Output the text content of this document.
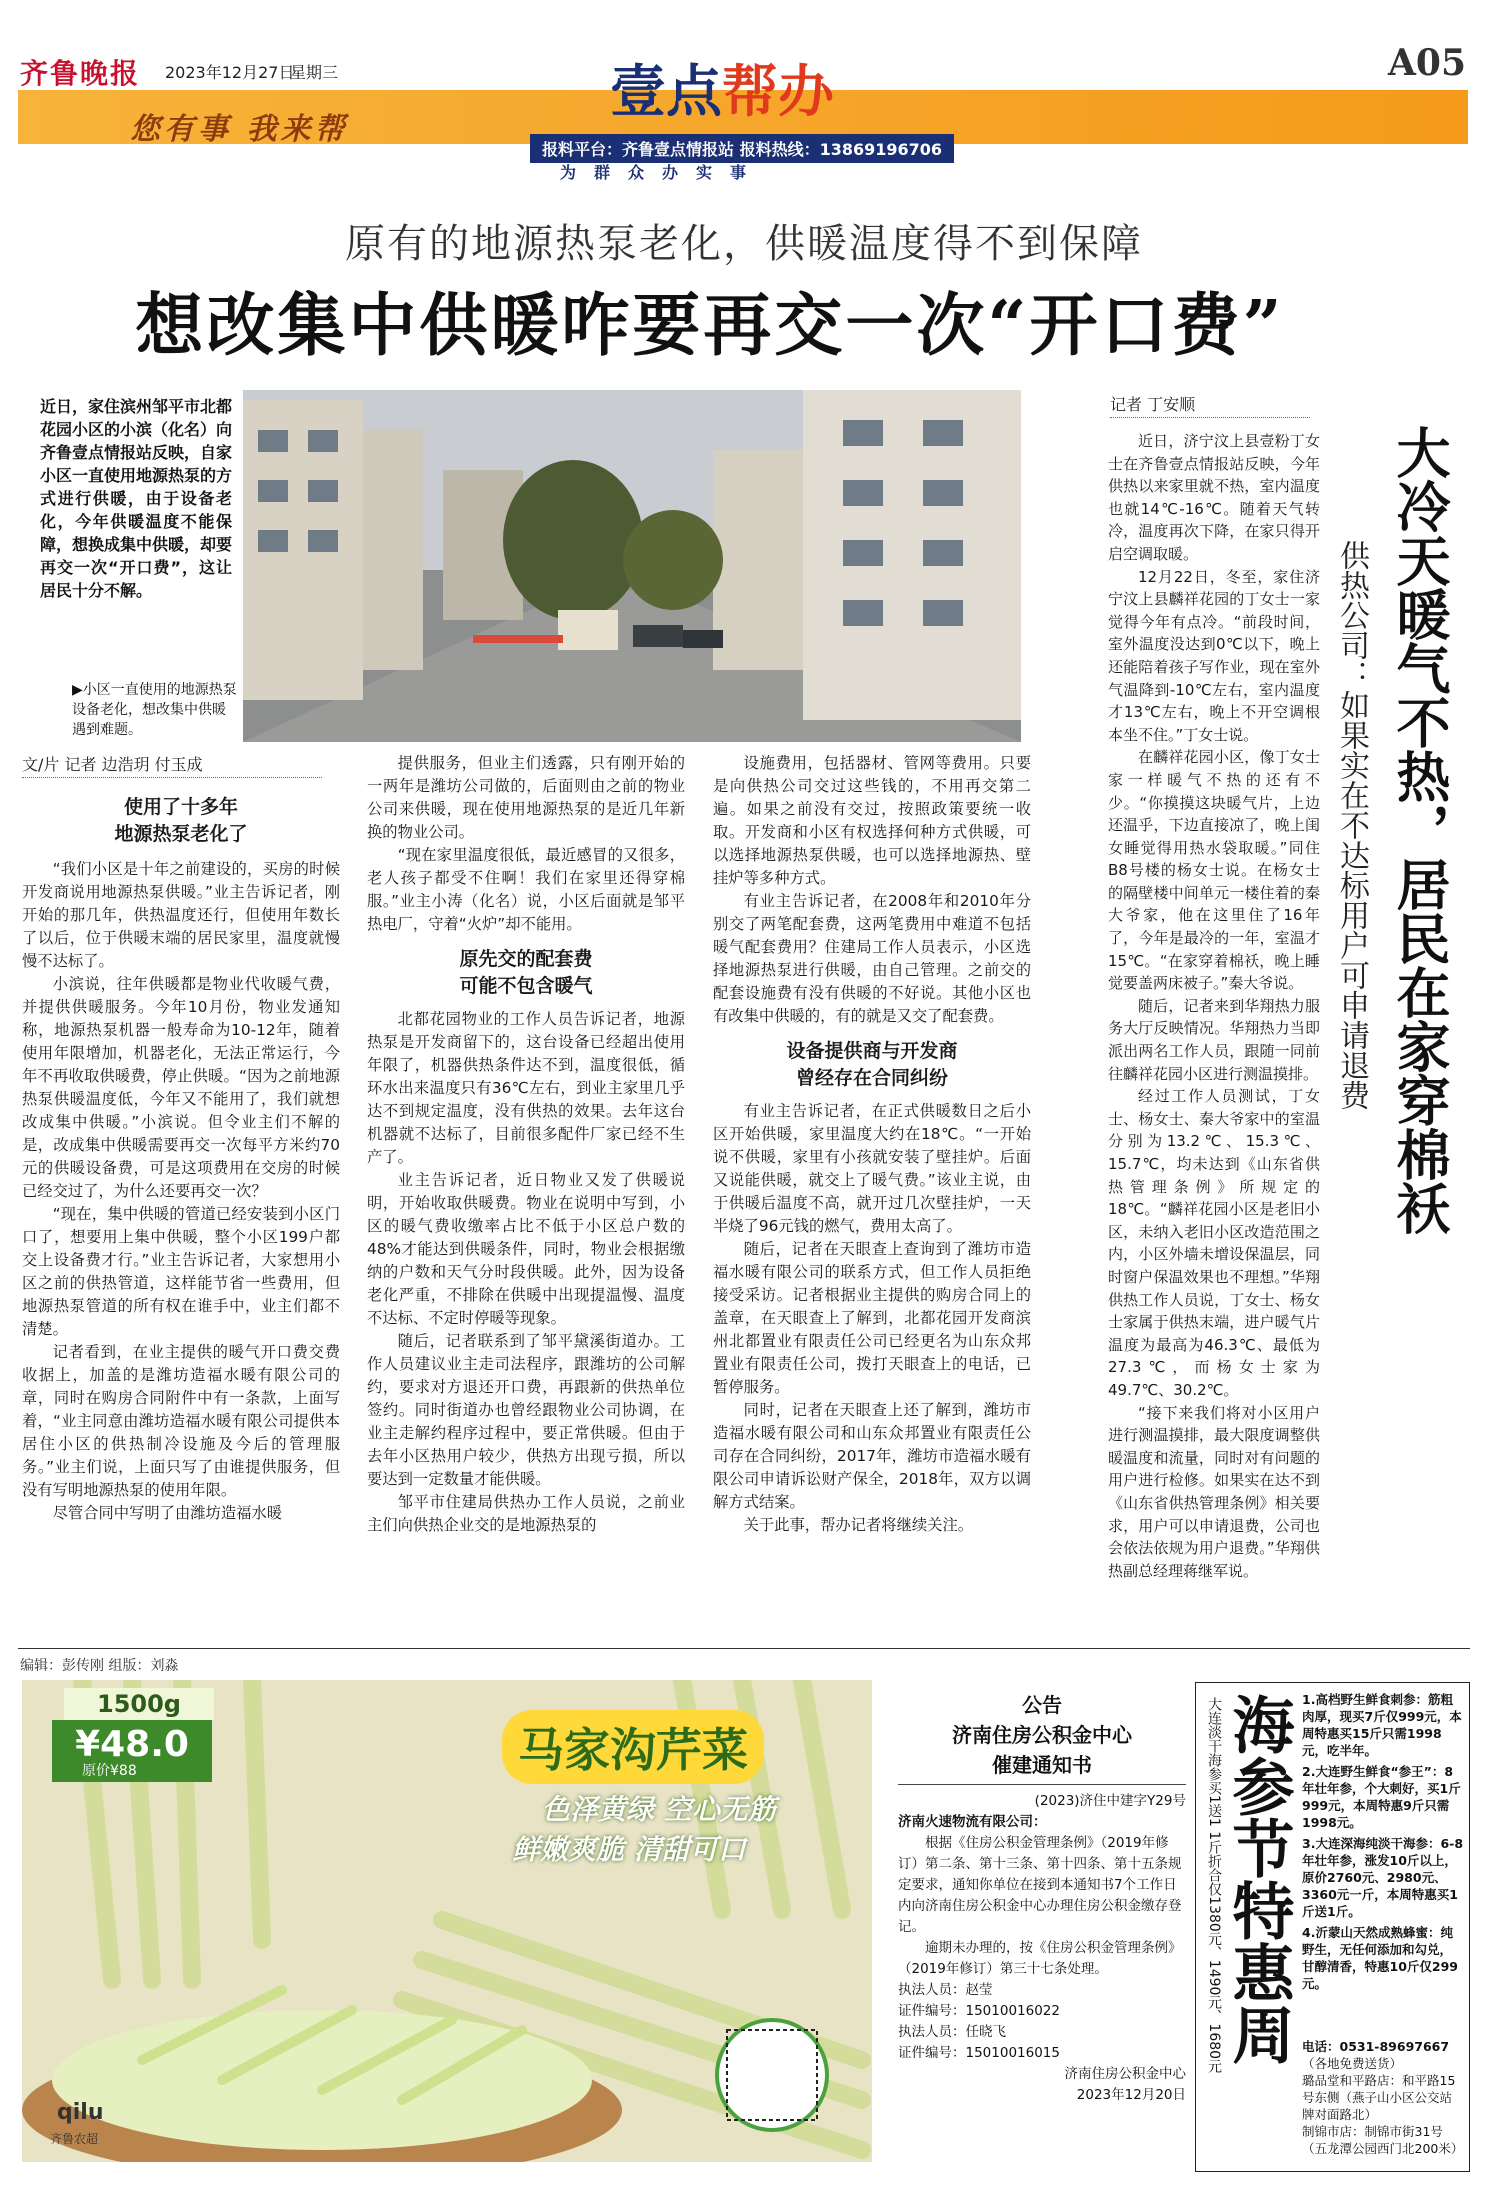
齐鲁晚报 2023年12月27日
星期三	A05
壹点帮办
您有事 我来帮
报料平台：齐鲁壹点情报站 报料热线：13869196706
为群众办实事
原有的地源热泵老化，供暖温度得不到保障
想改集中供暖咋要再交一次“开口费”
近日，家住滨州邹平市北都花园小区的小滨（化名）向齐鲁壹点情报站反映，自家小区一直使用地源热泵的方式进行供暖，由于设备老化，今年供暖温度不能保障，想换成集中供暖，却要再交一次“开口费”，这让居民十分不解。
▶小区一直使用的地源热泵设备老化，想改集中供暖遇到难题。
文/片 记者 边浩玥 付玉成
使用了十多年
地源热泵老化了

“我们小区是十年之前建设的，买房的时候开发商说用地源热泵供暖。”业主告诉记者，刚开始的那几年，供热温度还行，但使用年数长了以后，位于供暖末端的居民家里，温度就慢慢不达标了。

小滨说，往年供暖都是物业代收暖气费，并提供供暖服务。今年10月份，物业发通知称，地源热泵机器一般寿命为10-12年，随着使用年限增加，机器老化，无法正常运行，今年不再收取供暖费，停止供暖。“因为之前地源热泵供暖温度低，今年又不能用了，我们就想改成集中供暖。”小滨说。但令业主们不解的是，改成集中供暖需要再交一次每平方米约70元的供暖设备费，可是这项费用在交房的时候已经交过了，为什么还要再交一次？

“现在，集中供暖的管道已经安装到小区门口了，想要用上集中供暖，整个小区199户都交上设备费才行。”业主告诉记者，大家想用小区之前的供热管道，这样能节省一些费用，但地源热泵管道的所有权在谁手中，业主们都不清楚。

记者看到，在业主提供的暖气开口费交费收据上，加盖的是潍坊造福水暖有限公司的章，同时在购房合同附件中有一条款，上面写着，“业主同意由潍坊造福水暖有限公司提供本居住小区的供热制冷设施及今后的管理服务。”业主们说，上面只写了由谁提供服务，但没有写明地源热泵的使用年限。

尽管合同中写明了由潍坊造福水暖

提供服务，但业主们透露，只有刚开始的一两年是潍坊公司做的，后面则由之前的物业公司来供暖，现在使用地源热泵的是近几年新换的物业公司。

“现在家里温度很低，最近感冒的又很多，老人孩子都受不住啊！我们在家里还得穿棉服。”业主小涛（化名）说，小区后面就是邹平热电厂，守着“火炉”却不能用。

原先交的配套费
可能不包含暖气

北都花园物业的工作人员告诉记者，地源热泵是开发商留下的，这台设备已经超出使用年限了，机器供热条件达不到，温度很低，循环水出来温度只有36℃左右，到业主家里几乎达不到规定温度，没有供热的效果。去年这台机器就不达标了，目前很多配件厂家已经不生产了。

业主告诉记者，近日物业又发了供暖说明，开始收取供暖费。物业在说明中写到，小区的暖气费收缴率占比不低于小区总户数的48%才能达到供暖条件，同时，物业会根据缴纳的户数和天气分时段供暖。此外，因为设备老化严重，不排除在供暖中出现提温慢、温度不达标、不定时停暖等现象。

随后，记者联系到了邹平黛溪街道办。工作人员建议业主走司法程序，跟潍坊的公司解约，要求对方退还开口费，再跟新的供热单位签约。同时街道办也曾经跟物业公司协调，在业主走解约程序过程中，要正常供暖。但由于去年小区热用户较少，供热方出现亏损，所以要达到一定数量才能供暖。

邹平市住建局供热办工作人员说，之前业主们向供热企业交的是地源热泵的

设施费用，包括器材、管网等费用。只要是向供热公司交过这些钱的，不用再交第二遍。如果之前没有交过，按照政策要统一收取。开发商和小区有权选择何种方式供暖，可以选择地源热泵供暖，也可以选择地源热、壁挂炉等多种方式。

有业主告诉记者，在2008年和2010年分别交了两笔配套费，这两笔费用中难道不包括暖气配套费用？住建局工作人员表示，小区选择地源热泵进行供暖，由自己管理。之前交的配套设施费有没有供暖的不好说。其他小区也有改集中供暖的，有的就是又交了配套费。

设备提供商与开发商
曾经存在合同纠纷

有业主告诉记者，在正式供暖数日之后小区开始供暖，家里温度大约在18℃。“一开始说不供暖，家里有小孩就安装了壁挂炉。后面又说能供暖，就交上了暖气费。”该业主说，由于供暖后温度不高，就开过几次壁挂炉，一天半烧了96元钱的燃气，费用太高了。

随后，记者在天眼查上查询到了潍坊市造福水暖有限公司的联系方式，但工作人员拒绝接受采访。记者根据业主提供的购房合同上的盖章，在天眼查上了解到，北都花园开发商滨州北都置业有限责任公司已经更名为山东众邦置业有限责任公司，拨打天眼查上的电话，已暂停服务。

同时，记者在天眼查上还了解到，潍坊市造福水暖有限公司和山东众邦置业有限责任公司存在合同纠纷，2017年，潍坊市造福水暖有限公司申请诉讼财产保全，2018年，双方以调解方式结案。

关于此事，帮办记者将继续关注。

记者 丁安顺

近日，济宁汶上县壹粉丁女士在齐鲁壹点情报站反映，今年供热以来家里就不热，室内温度也就14℃-16℃。随着天气转冷，温度再次下降，在家只得开启空调取暖。

12月22日，冬至，家住济宁汶上县麟祥花园的丁女士一家觉得今年有点冷。“前段时间，室外温度没达到0℃以下，晚上还能陪着孩子写作业，现在室外气温降到-10℃左右，室内温度才13℃左右，晚上不开空调根本坐不住。”丁女士说。

在麟祥花园小区，像丁女士家一样暖气不热的还有不少。“你摸摸这块暖气片，上边还温乎，下边直接凉了，晚上闺女睡觉得用热水袋取暖。”同住B8号楼的杨女士说。在杨女士的隔壁楼中间单元一楼住着的秦大爷家，他在这里住了16年了，今年是最冷的一年，室温才15℃。“在家穿着棉袄，晚上睡觉要盖两床被子。”秦大爷说。

随后，记者来到华翔热力服务大厅反映情况。华翔热力当即派出两名工作人员，跟随一同前往麟祥花园小区进行测温摸排。

经过工作人员测试，丁女士、杨女士、秦大爷家中的室温分别为13.2℃、15.3℃、15.7℃，均未达到《山东省供热管理条例》所规定的18℃。“麟祥花园小区是老旧小区，未纳入老旧小区改造范围之内，小区外墙未增设保温层，同时窗户保温效果也不理想。”华翔供热工作人员说，丁女士、杨女士家属于供热末端，进户暖气片温度为最高为46.3℃、最低为27.3℃，而杨女士家为49.7℃、30.2℃。

“接下来我们将对小区用户进行测温摸排，最大限度调整供暖温度和流量，同时对有问题的用户进行检修。如果实在达不到《山东省供热管理条例》相关要求，用户可以申请退费，公司也会依法依规为用户退费。”华翔供热副总经理蒋继军说。

大冷天暖气不热，居民在家穿棉袄
供热公司：如果实在不达标用户可申请退费
编辑：彭传刚 组版：刘淼
1500g
¥48.0
原价¥88	马家沟芹菜
色泽黄绿 空心无筋
鲜嫩爽脆 清甜可口
qilu
齐鲁农超
公告
济南住房公积金中心
催建通知书
(2023)济住中建字Y29号
济南火速物流有限公司：
根据《住房公积金管理条例》（2019年修订）第二条、第十三条、第十四条、第十五条规定要求，通知你单位在接到本通知书7个工作日内向济南住房公积金中心办理住房公积金缴存登记。
逾期未办理的，按《住房公积金管理条例》（2019年修订）第三十七条处理。
执法人员：赵莹
证件编号：15010016022
执法人员：任晓飞
证件编号：15010016015
济南住房公积金中心
2023年12月20日
大连淡干海参买1送1 1斤折合仅1380元、1490元、1680元 海参节特惠周 1.高档野生鲜食刺参：筋粗肉厚，现买7斤仅999元，本周特惠买15斤只需1998元，吃半年。
2.大连野生鲜食“参王”：8年壮年参，个大刺好，买1斤999元，本周特惠9斤只需1998元。
3.大连深海纯淡干海参：6-8年壮年参，涨发10斤以上，原价2760元、2980元、3360元一斤，本周特惠买1斤送1斤。
4.沂蒙山天然成熟蜂蜜：纯野生，无任何添加和勾兑，甘醇清香，特惠10斤仅299元。
电话：0531-89697667
（各地免费送货）
璐品堂和平路店：和平路15号东侧（燕子山小区公交站牌对面路北）
制锦市店：制锦市街31号（五龙潭公园西门北200米）
